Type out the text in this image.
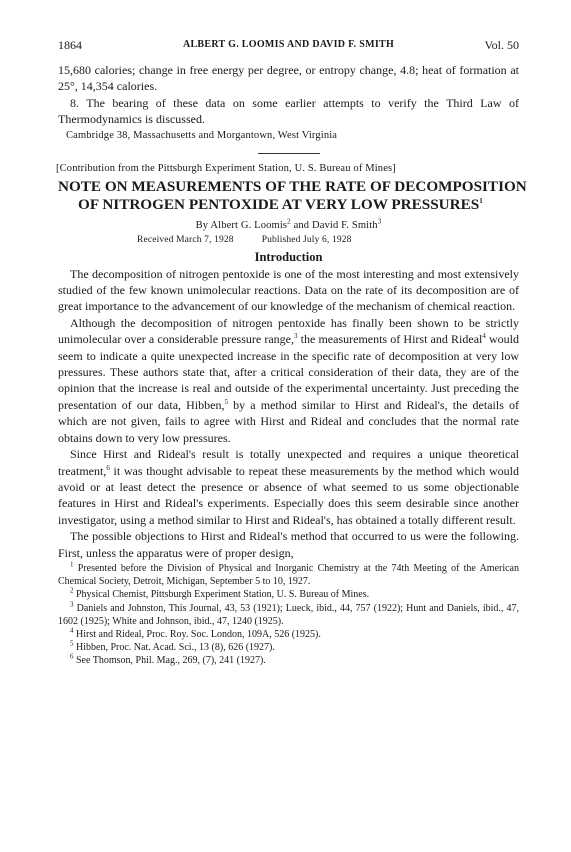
1864	ALBERT G. LOOMIS AND DAVID F. SMITH	Vol. 50

15,680 calories; change in free energy per degree, or entropy change, 4.8; heat of formation at 25°, 14,354 calories.

8. The bearing of these data on some earlier attempts to verify the Third Law of Thermodynamics is discussed.

Cambridge 38, Massachusetts and Morgantown, West Virginia

[Contribution from the Pittsburgh Experiment Station, U. S. Bureau of Mines]

NOTE ON MEASUREMENTS OF THE RATE OF DECOMPOSITION
OF NITROGEN PENTOXIDE AT VERY LOW PRESSURES$^1$

By Albert G. Loomis$^2$ and David F. Smith$^3$

Received March 7, 1928	Published July 6, 1928

Introduction

The decomposition of nitrogen pentoxide is one of the most interesting and most extensively studied of the few known unimolecular reactions. Data on the rate of its decomposition are of great importance to the advancement of our knowledge of the mechanism of chemical reaction.

Although the decomposition of nitrogen pentoxide has finally been shown to be strictly unimolecular over a considerable pressure range,$^3$ the measurements of Hirst and Rideal$^4$ would seem to indicate a quite unexpected increase in the specific rate of decomposition at very low pressures. These authors state that, after a critical consideration of their data, they are of the opinion that the increase is real and outside of the experimental uncertainty. Just preceding the presentation of our data, Hibben,$^5$ by a method similar to Hirst and Rideal's, the details of which are not given, fails to agree with Hirst and Rideal and concludes that the normal rate obtains down to very low pressures.

Since Hirst and Rideal's result is totally unexpected and requires a unique theoretical treatment,$^6$ it was thought advisable to repeat these measurements by the method which would avoid or at least detect the presence or absence of what seemed to us some objectionable features in Hirst and Rideal's experiments. Especially does this seem desirable since another investigator, using a method similar to Hirst and Rideal's, has obtained a totally different result.

The possible objections to Hirst and Rideal's method that occurred to us were the following. First, unless the apparatus were of proper design,

$^1$ Presented before the Division of Physical and Inorganic Chemistry at the 74th Meeting of the American Chemical Society, Detroit, Michigan, September 5 to 10, 1927.

$^2$ Physical Chemist, Pittsburgh Experiment Station, U. S. Bureau of Mines.

$^3$ Daniels and Johnston, This Journal, 43, 53 (1921); Lueck, ibid., 44, 757 (1922); Hunt and Daniels, ibid., 47, 1602 (1925); White and Johnson, ibid., 47, 1240 (1925).

$^4$ Hirst and Rideal, Proc. Roy. Soc. London, 109A, 526 (1925).

$^5$ Hibben, Proc. Nat. Acad. Sci., 13 (8), 626 (1927).

$^6$ See Thomson, Phil. Mag., 269, (7), 241 (1927).
